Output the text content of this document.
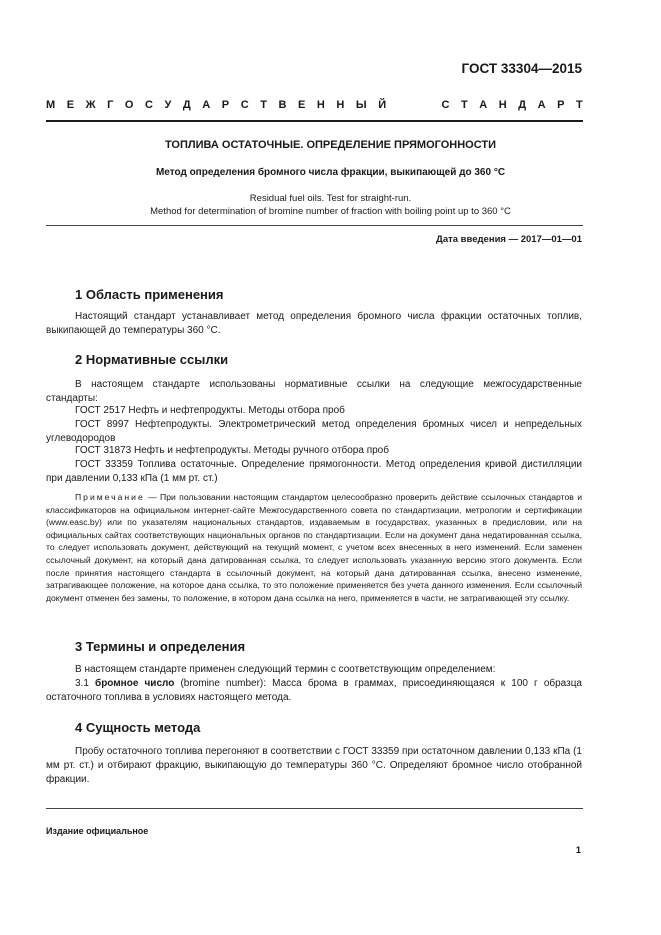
ГОСТ 33304—2015
М Е Ж Г О С У Д А Р С Т В Е Н Н Ы Й

	С Т А Н Д А Р Т
ТОПЛИВА ОСТАТОЧНЫЕ. ОПРЕДЕЛЕНИЕ ПРЯМОГОННОСТИ
Метод определения бромного числа фракции, выкипающей до 360 °С
Residual fuel oils. Test for straight-run.
Method for determination of bromine number of fraction with boiling point up to 360 °C
Дата введения — 2017—01—01
1 Область применения
Настоящий стандарт устанавливает метод определения бромного числа фракции остаточных топлив, выкипающей до температуры 360 °С.
2 Нормативные ссылки
В настоящем стандарте использованы нормативные ссылки на следующие межгосударственные стандарты:
ГОСТ 2517 Нефть и нефтепродукты. Методы отбора проб
ГОСТ 8997 Нефтепродукты. Электрометрический метод определения бромных чисел и непредельных углеводородов
ГОСТ 31873 Нефть и нефтепродукты. Методы ручного отбора проб
ГОСТ 33359 Топлива остаточные. Определение прямогонности. Метод определения кривой дистилляции при давлении 0,133 кПа (1 мм рт. ст.)
Примечание — При пользовании настоящим стандартом целесообразно проверить действие ссылочных стандартов и классификаторов на официальном интернет-сайте Межгосударственного совета по стандартизации, метрологии и сертификации (www.easc.by) или по указателям национальных стандартов, издаваемым в государствах, указанных в предисловии, или на официальных сайтах соответствующих национальных органов по стандартизации. Если на документ дана недатированная ссылка, то следует использовать документ, действующий на текущий момент, с учетом всех внесенных в него изменений. Если заменен ссылочный документ, на который дана датированная ссылка, то следует использовать указанную версию этого документа. Если после принятия настоящего стандарта в ссылочный документ, на который дана датированная ссылка, внесено изменение, затрагивающее положение, на которое дана ссылка, то это положение применяется без учета данного изменения. Если ссылочный документ отменен без замены, то положение, в котором дана ссылка на него, применяется в части, не затрагивающей эту ссылку.
3 Термины и определения
В настоящем стандарте применен следующий термин с соответствующим определением:
3.1 бромное число (bromine number): Масса брома в граммах, присоединяющаяся к 100 г образца остаточного топлива в условиях настоящего метода.
4 Сущность метода
Пробу остаточного топлива перегоняют в соответствии с ГОСТ 33359 при остаточном давлении 0,133 кПа (1 мм рт. ст.) и отбирают фракцию, выкипающую до температуры 360 °С. Определяют бромное число отобранной фракции.
Издание официальное
1
